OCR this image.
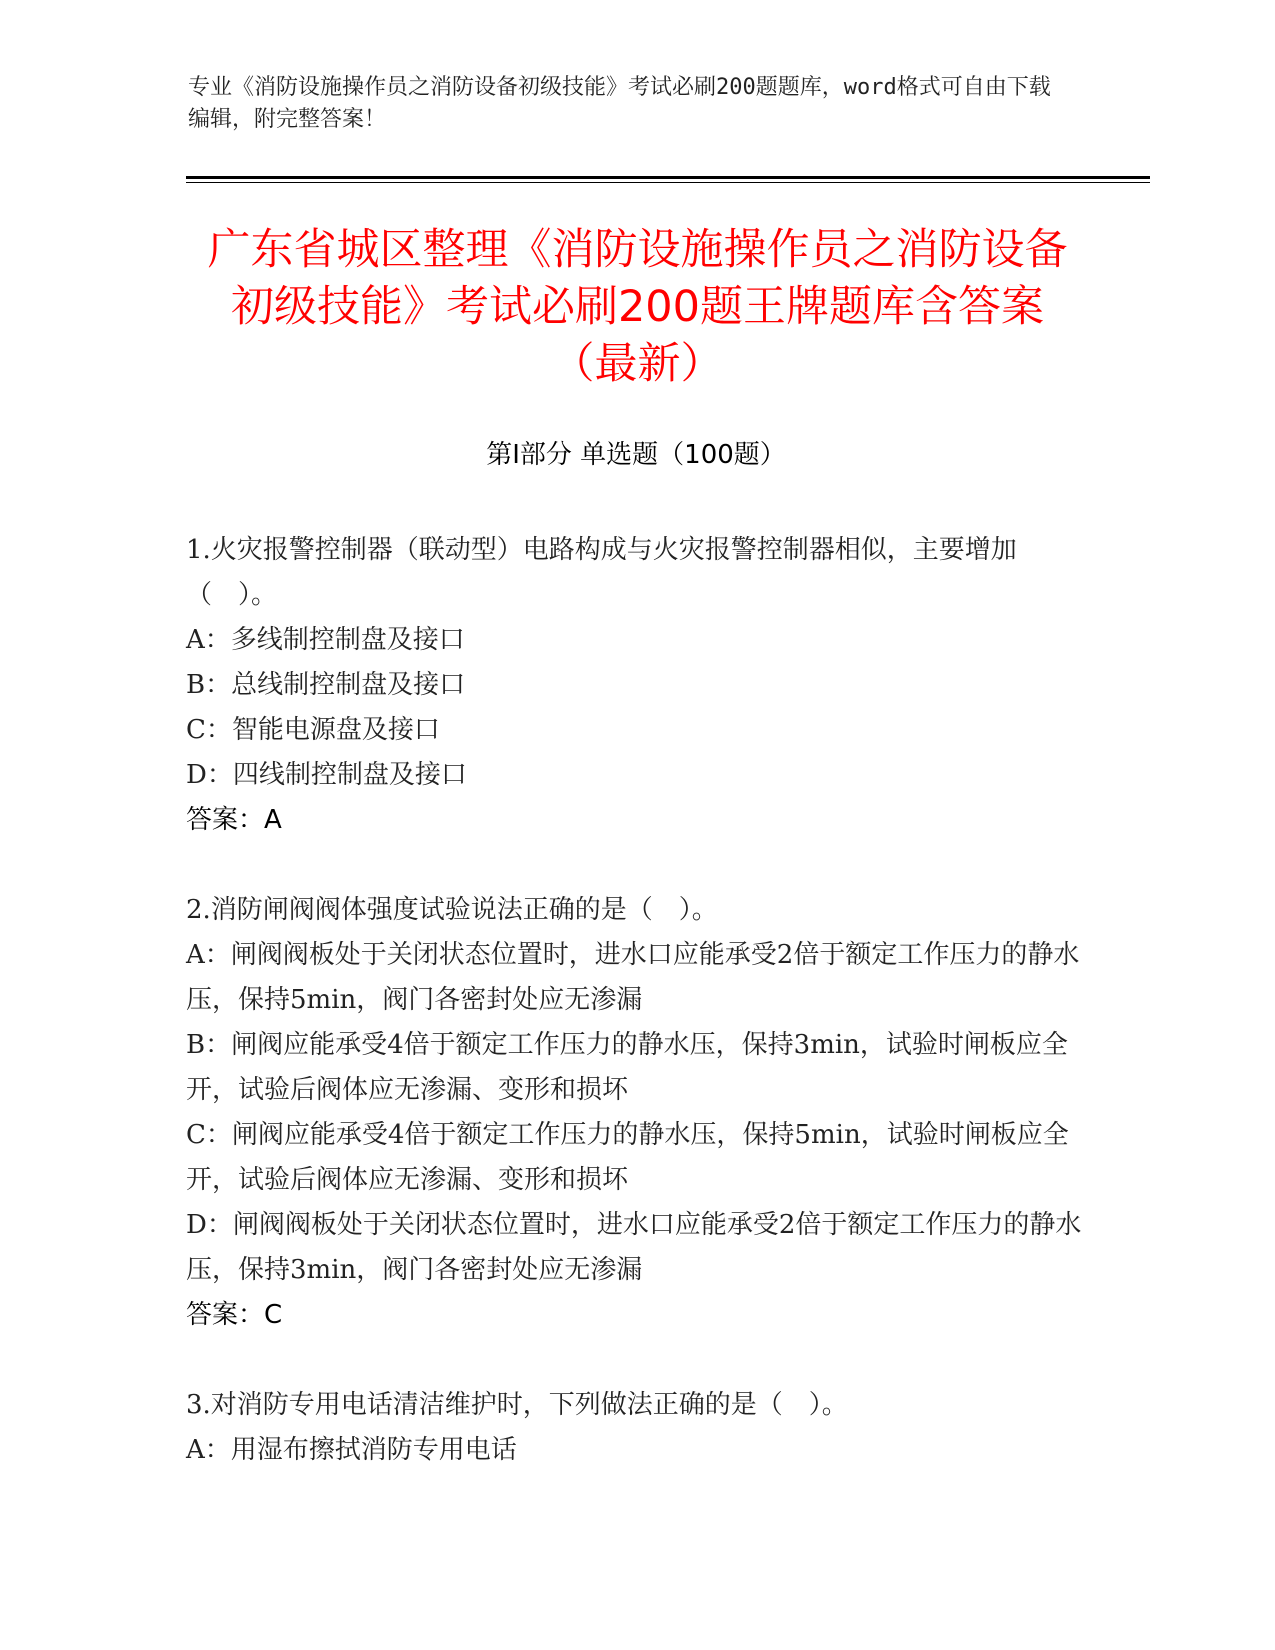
专业《消防设施操作员之消防设备初级技能》考试必刷200题题库，word格式可自由下载编辑，附完整答案！
广东省城区整理《消防设施操作员之消防设备初级技能》考试必刷200题王牌题库含答案（最新）
第Ⅰ部分 单选题（100题）

1.火灾报警控制器（联动型）电路构成与火灾报警控制器相似，主要增加（　）。

A：多线制控制盘及接口

B：总线制控制盘及接口

C：智能电源盘及接口

D：四线制控制盘及接口

答案：A

2.消防闸阀阀体强度试验说法正确的是（　）。

A：闸阀阀板处于关闭状态位置时，进水口应能承受2倍于额定工作压力的静水压，保持5min，阀门各密封处应无渗漏

B：闸阀应能承受4倍于额定工作压力的静水压，保持3min，试验时闸板应全开，试验后阀体应无渗漏、变形和损坏

C：闸阀应能承受4倍于额定工作压力的静水压，保持5min，试验时闸板应全开，试验后阀体应无渗漏、变形和损坏

D：闸阀阀板处于关闭状态位置时，进水口应能承受2倍于额定工作压力的静水压，保持3min，阀门各密封处应无渗漏

答案：C

3.对消防专用电话清洁维护时，下列做法正确的是（　）。

A：用湿布擦拭消防专用电话
